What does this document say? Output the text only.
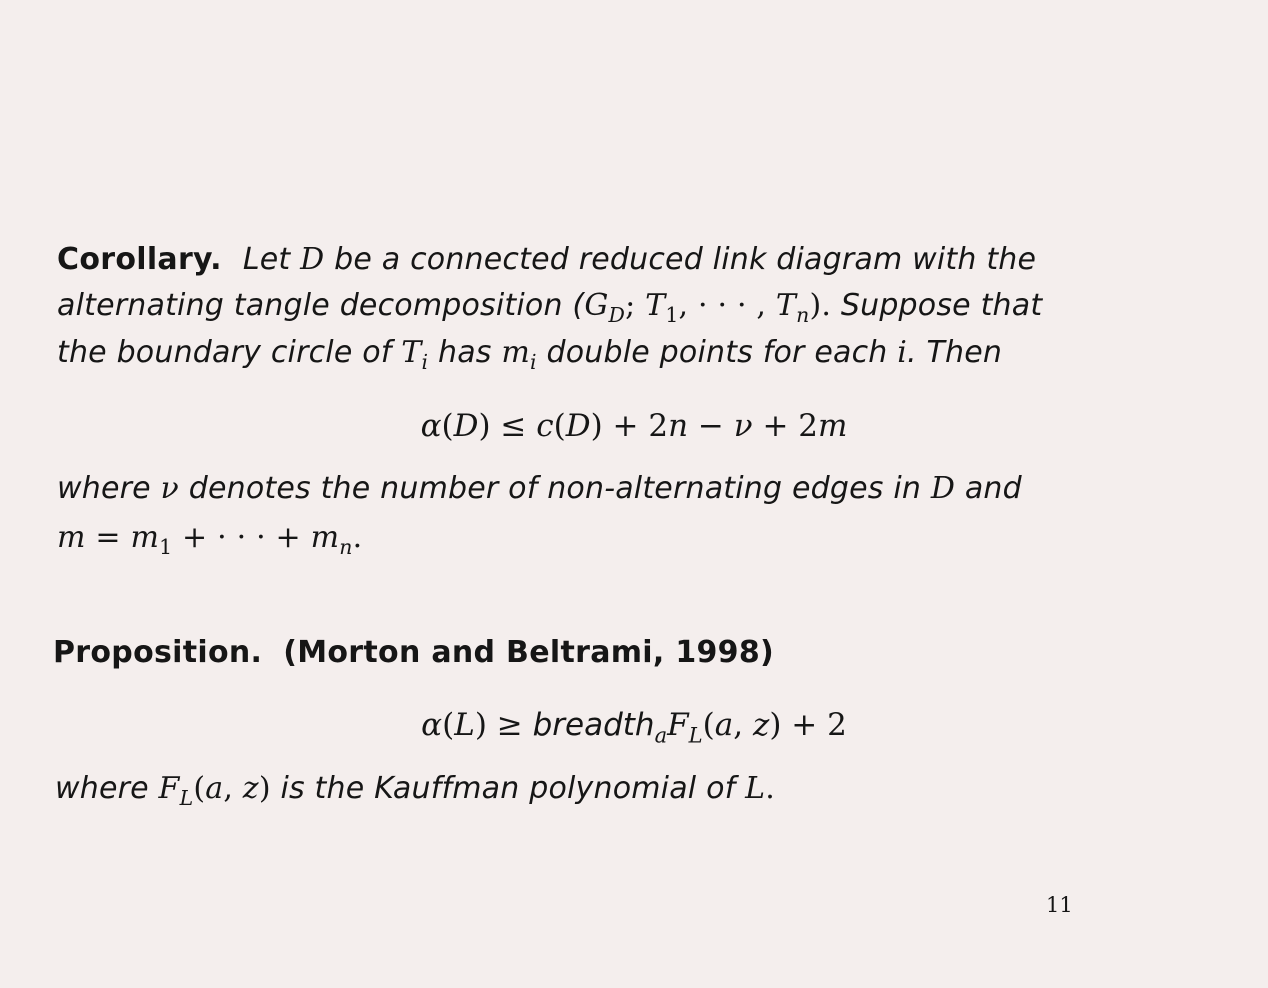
Corollary. Let D be a connected reduced link diagram with the
alternating tangle decomposition ($G_D$; $T_1$, · · · , $T_n$). Suppose that
the boundary circle of $T_i$ has $m_i$ double points for each i. Then
α(D) ≤ c(D) + 2n − ν + 2m
where ν denotes the number of non-alternating edges in D and
$m = m_1$ + · · · + $m_n$.
Proposition. (Morton and Beltrami, 1998)
$\alpha(L) \ge breadth_aF_L(a$, z) + 2
where $F_L(a$, z) is the Kauffman polynomial of L.
11
